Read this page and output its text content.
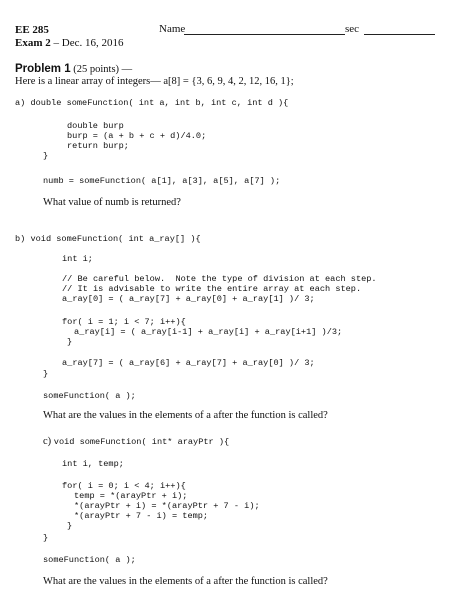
EE 285
Exam 2 – Dec. 16, 2016
Name	sec
Problem 1 (25 points) —
Here is a linear array of integers— a[8] = {3, 6, 9, 4, 2, 12, 16, 1};
a) double someFunction( int a, int b, int c, int d ){
double burp
burp = (a + b + c + d)/4.0;
return burp;
}
numb = someFunction( a[1], a[3], a[5], a[7] );
What value of numb is returned?
b) void someFunction( int a_ray[] ){
int i;
// Be careful below.  Note the type of division at each step.
// It is advisable to write the entire array at each step.
a_ray[0] = ( a_ray[7] + a_ray[0] + a_ray[1] )/ 3;
for( i = 1; i < 7; i++){
a_ray[i] = ( a_ray[i-1] + a_ray[i] + a_ray[i+1] )/3;
}
a_ray[7] = ( a_ray[6] + a_ray[7] + a_ray[0] )/ 3;
}
someFunction( a );
What are the values in the elements of a after the function is called?
c) void someFunction( int* arayPtr ){
int i, temp;
for( i = 0; i < 4; i++){
temp = *(arayPtr + i);
*(arayPtr + i) = *(arayPtr + 7 - i);
*(arayPtr + 7 - i) = temp;
}
}
someFunction( a );
What are the values in the elements of a after the function is called?
